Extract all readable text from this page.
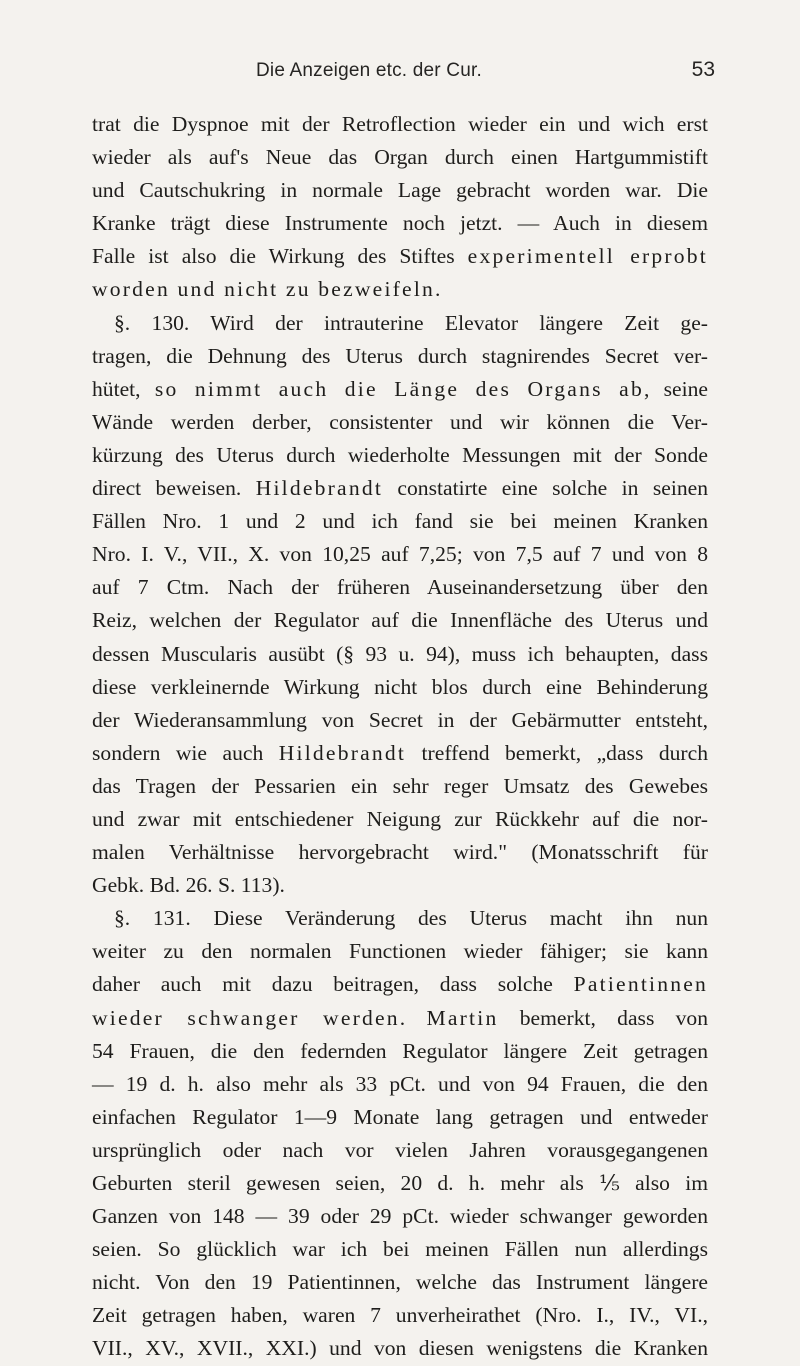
Die Anzeigen etc. der Cur.	53
trat die Dyspnoe mit der Retroflection wieder ein und wich erst
wieder als auf's Neue das Organ durch einen Hartgummistift
und Cautschukring in normale Lage gebracht worden war. Die
Kranke trägt diese Instrumente noch jetzt. — Auch in diesem
Falle ist also die Wirkung des Stiftes experimentell erprobt
worden und nicht zu bezweifeln.
§. 130. Wird der intrauterine Elevator längere Zeit ge-
tragen, die Dehnung des Uterus durch stagnirendes Secret ver-
hütet, so nimmt auch die Länge des Organs ab, seine
Wände werden derber, consistenter und wir können die Ver-
kürzung des Uterus durch wiederholte Messungen mit der Sonde
direct beweisen. Hildebrandt constatirte eine solche in seinen
Fällen Nro. 1 und 2 und ich fand sie bei meinen Kranken
Nro. I. V., VII., X. von 10,25 auf 7,25; von 7,5 auf 7 und von 8
auf 7 Ctm. Nach der früheren Auseinandersetzung über den
Reiz, welchen der Regulator auf die Innenfläche des Uterus und
dessen Muscularis ausübt (§ 93 u. 94), muss ich behaupten, dass
diese verkleinernde Wirkung nicht blos durch eine Behinderung
der Wiederansammlung von Secret in der Gebärmutter entsteht,
sondern wie auch Hildebrandt treffend bemerkt, „dass durch
das Tragen der Pessarien ein sehr reger Umsatz des Gewebes
und zwar mit entschiedener Neigung zur Rückkehr auf die nor-
malen Verhältnisse hervorgebracht wird." (Monatsschrift für
Gebk. Bd. 26. S. 113).
§. 131. Diese Veränderung des Uterus macht ihn nun
weiter zu den normalen Functionen wieder fähiger; sie kann
daher auch mit dazu beitragen, dass solche Patientinnen
wieder schwanger werden. Martin bemerkt, dass von
54 Frauen, die den federnden Regulator längere Zeit getragen
— 19 d. h. also mehr als 33 pCt. und von 94 Frauen, die den
einfachen Regulator 1—9 Monate lang getragen und entweder
ursprünglich oder nach vor vielen Jahren vorausgegangenen
Geburten steril gewesen seien, 20 d. h. mehr als ⅕ also im
Ganzen von 148 — 39 oder 29 pCt. wieder schwanger geworden
seien. So glücklich war ich bei meinen Fällen nun allerdings
nicht. Von den 19 Patientinnen, welche das Instrument längere
Zeit getragen haben, waren 7 unverheirathet (Nro. I., IV., VI.,
VII., XV., XVII., XXI.) und von diesen wenigstens die Kranken
